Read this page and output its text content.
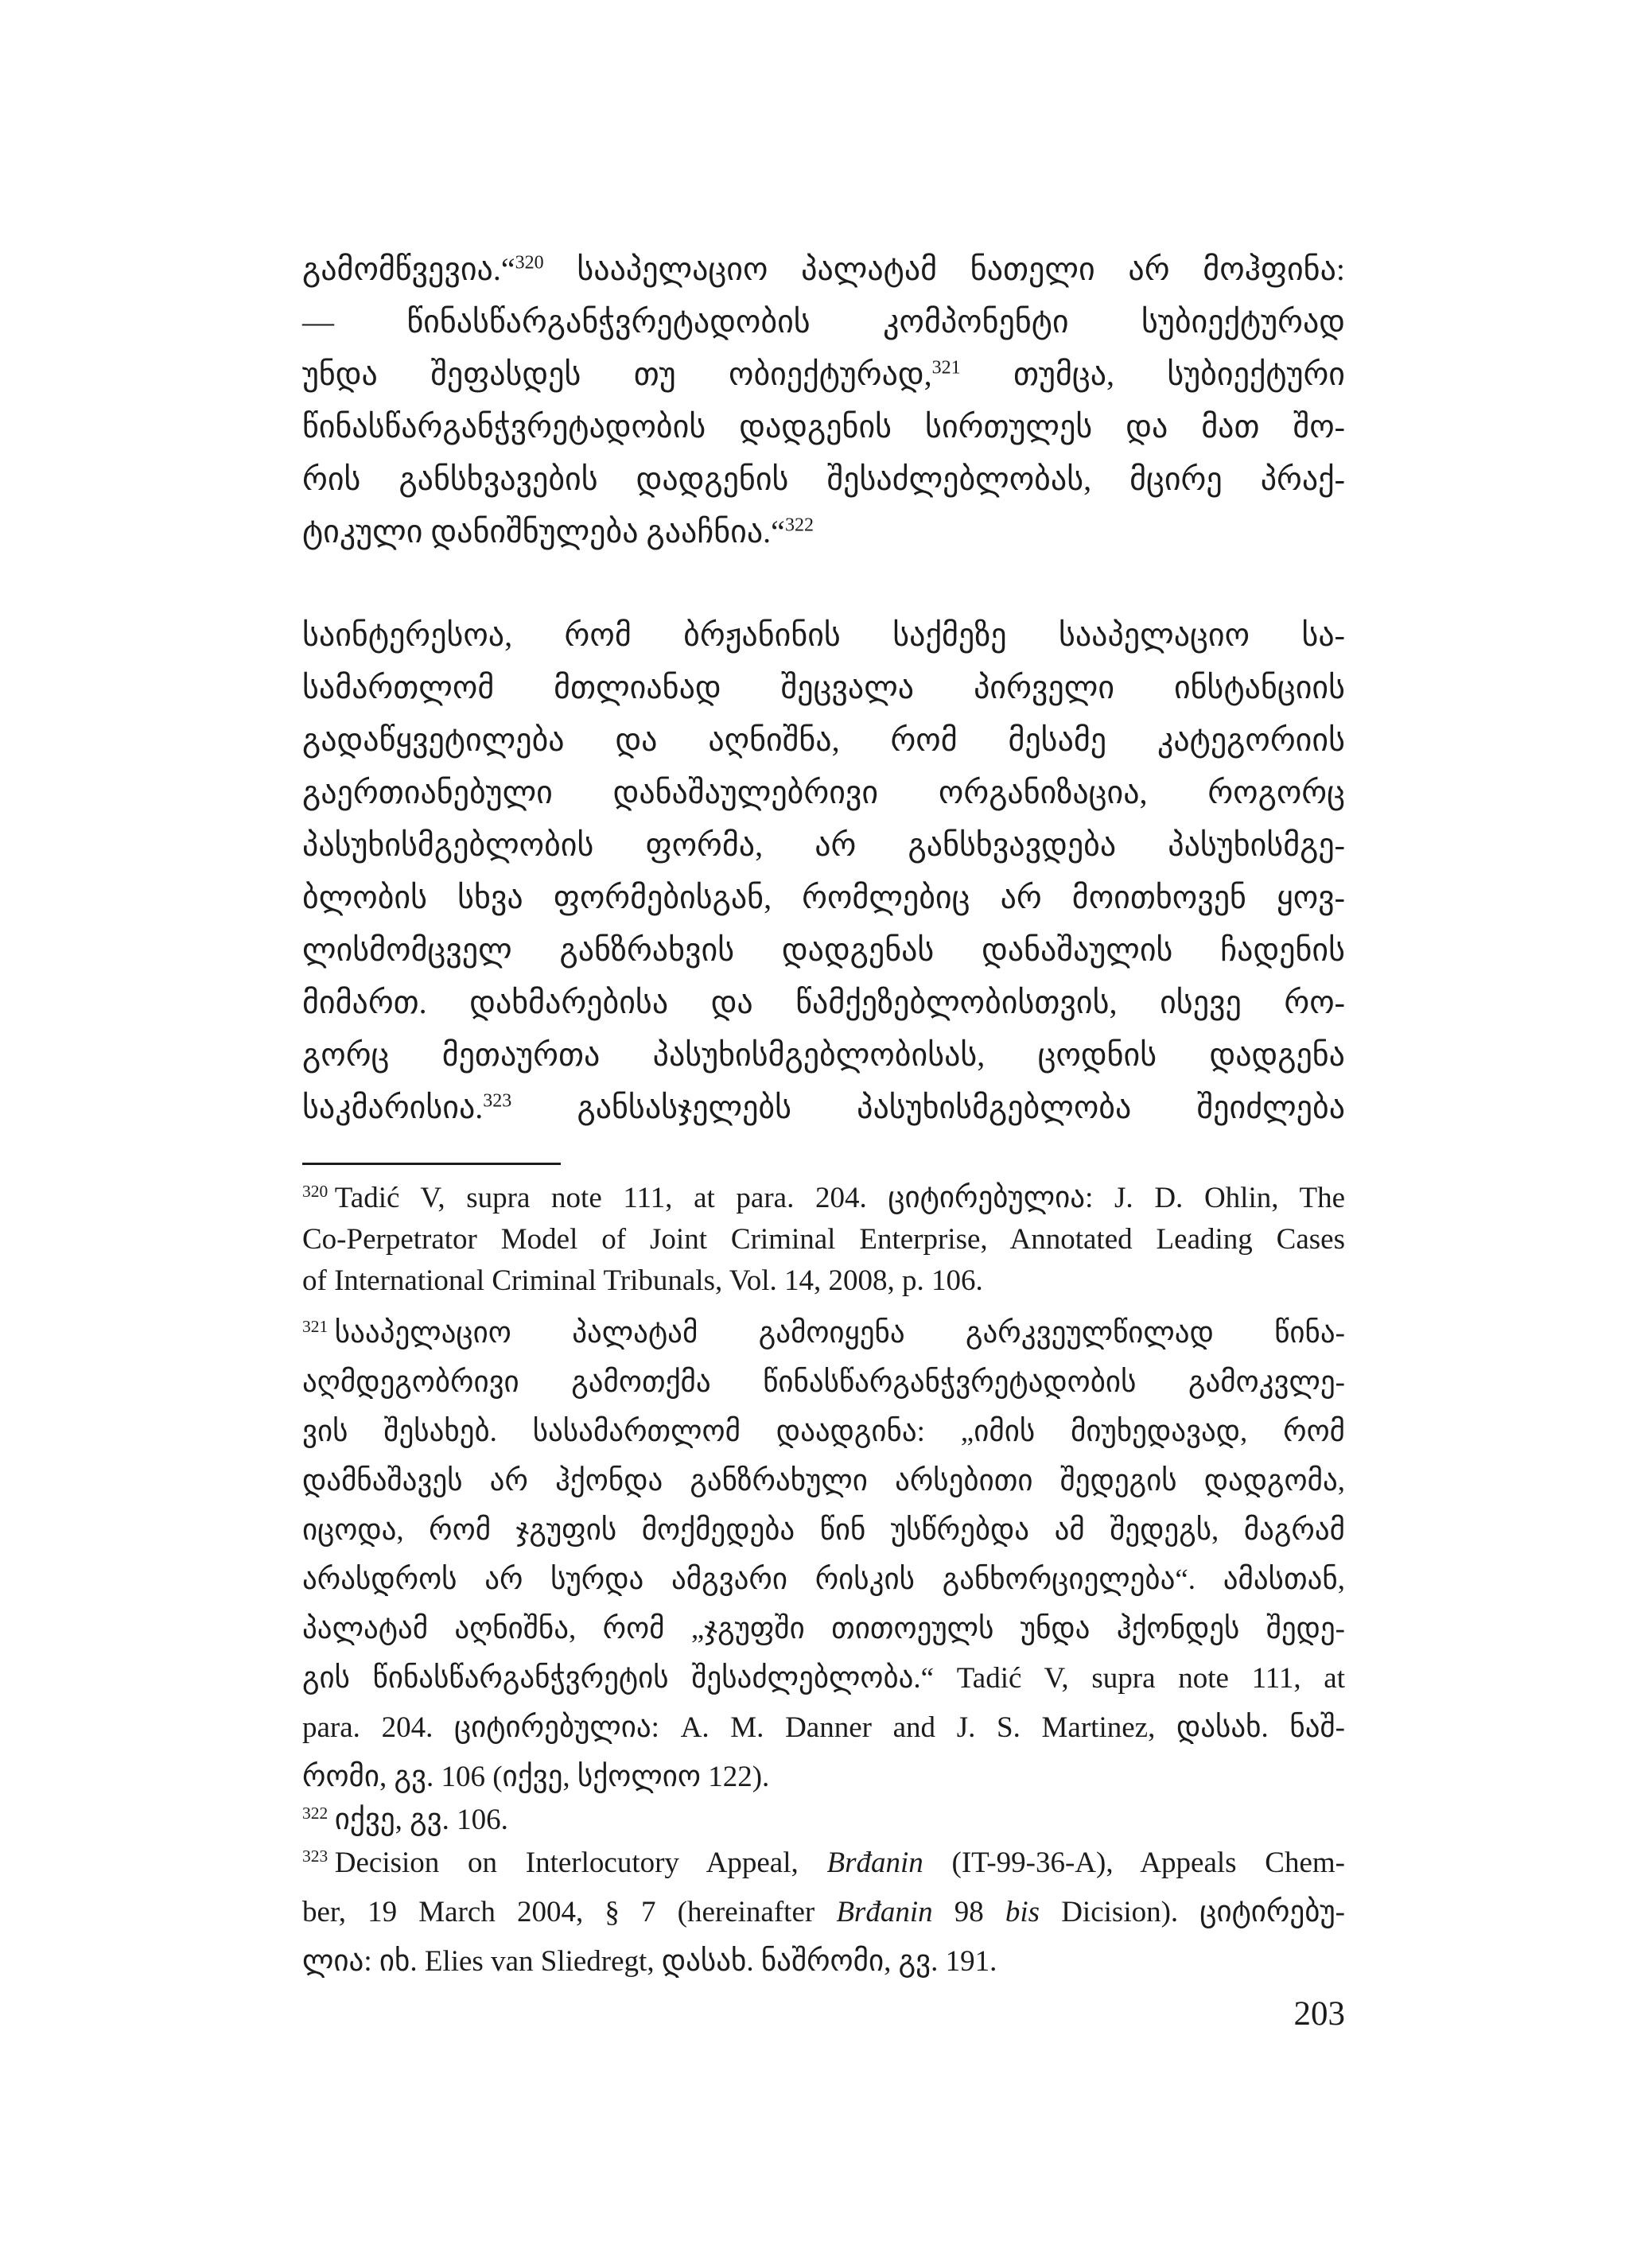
გამომწვევია.“$^{320}$ სააპელაციო პალატამ ნათელი არ მოჰფინა:
— წინასწარგანჭვრეტადობის კომპონენტი სუბიექტურად
უნდა შეფასდეს თუ ობიექტურად,$^{321}$ თუმცა, სუბიექტური
წინასწარგანჭვრეტადობის დადგენის სირთულეს და მათ შო-
რის განსხვავების დადგენის შესაძლებლობას, მცირე პრაქ-
ტიკული დანიშნულება გააჩნია.“$^{322}$
საინტერესოა, რომ ბრჟანინის საქმეზე სააპელაციო სა-
სამართლომ მთლიანად შეცვალა პირველი ინსტანციის
გადაწყვეტილება და აღნიშნა, რომ მესამე კატეგორიის
გაერთიანებული დანაშაულებრივი ორგანიზაცია, როგორც
პასუხისმგებლობის ფორმა, არ განსხვავდება პასუხისმგე-
ბლობის სხვა ფორმებისგან, რომლებიც არ მოითხოვენ ყოვ-
ლისმომცველ განზრახვის დადგენას დანაშაულის ჩადენის
მიმართ. დახმარებისა და წამქეზებლობისთვის, ისევე რო-
გორც მეთაურთა პასუხისმგებლობისას, ცოდნის დადგენა
საკმარისია.$^{323}$ განსასჯელებს პასუხისმგებლობა შეიძლება
$^{320}$ Tadić V, supra note 111, at para. 204. ციტირებულია: J. D. Ohlin, The
Co-Perpetrator Model of Joint Criminal Enterprise, Annotated Leading Cases
of International Criminal Tribunals, Vol. 14, 2008, p. 106.
$^{321}$ სააპელაციო პალატამ გამოიყენა გარკვეულწილად წინა-
აღმდეგობრივი გამოთქმა წინასწარგანჭვრეტადობის გამოკვლე-
ვის შესახებ. სასამართლომ დაადგინა: „იმის მიუხედავად, რომ
დამნაშავეს არ ჰქონდა განზრახული არსებითი შედეგის დადგომა,
იცოდა, რომ ჯგუფის მოქმედება წინ უსწრებდა ამ შედეგს, მაგრამ
არასდროს არ სურდა ამგვარი რისკის განხორციელება“. ამასთან,
პალატამ აღნიშნა, რომ „ჯგუფში თითოეულს უნდა ჰქონდეს შედე-
გის წინასწარგანჭვრეტის შესაძლებლობა.“ Tadić V, supra note 111, at
para. 204. ციტირებულია: A. M. Danner and J. S. Martinez, დასახ. ნაშ-
რომი, გვ. 106 (იქვე, სქოლიო 122).
$^{322}$ იქვე, გვ. 106.
$^{323}$ Decision on Interlocutory Appeal, Brđanin (IT-99-36-A), Appeals Chem-
ber, 19 March 2004, § 7 (hereinafter Brđanin 98 bis Dicision). ციტირებუ-
ლია: იხ. Elies van Sliedregt, დასახ. ნაშრომი, გვ. 191.
203
